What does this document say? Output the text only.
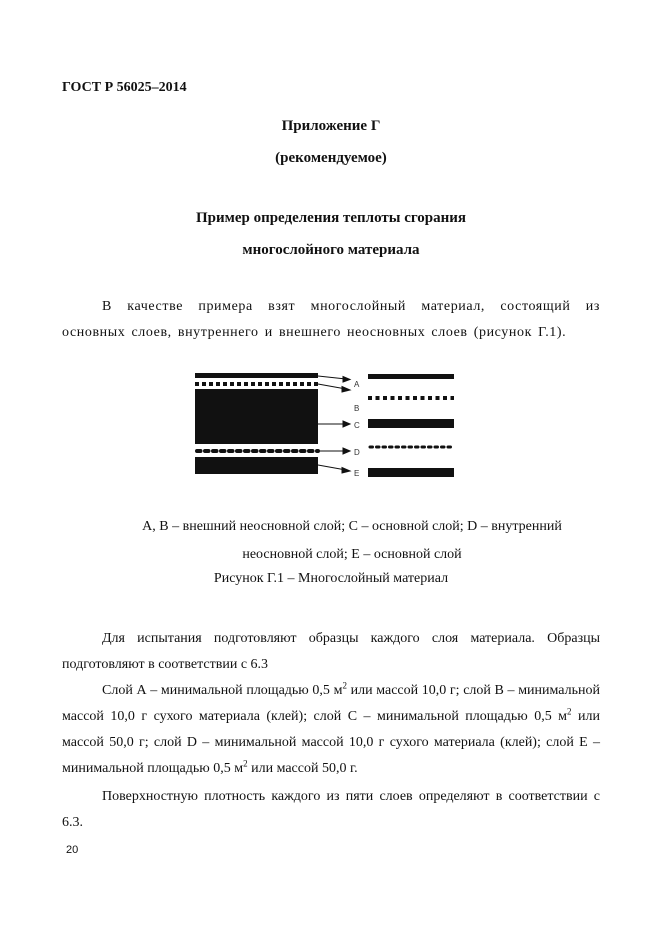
ГОСТ Р 56025–2014
Приложение Г
(рекомендуемое)
Пример определения теплоты сгорания
многослойного материала
В качестве примера взят многослойный материал, состоящий из основных слоев, внутреннего и внешнего неосновных слоев (рисунок Г.1).
A
B
C
D
E
A, B – внешний неосновной слой; С – основной слой; D – внутренний
неосновной слой; E – основной слой
Рисунок Г.1 – Многослойный материал
Для испытания подготовляют образцы каждого слоя материала. Образцы подготовляют в соответствии с 6.3
Слой А – минимальной площадью 0,5 $м^2$ или массой 10,0 г; слой В – минимальной массой 10,0 г сухого материала (клей); слой С – минимальной площадью 0,5 $м^2$ или массой 50,0 г; слой D – минимальной массой 10,0 г сухого материала (клей); слой E – минимальной площадью 0,5 $м^2$ или массой 50,0 г.
Поверхностную плотность каждого из пяти слоев определяют в соответствии с 6.3.
20
